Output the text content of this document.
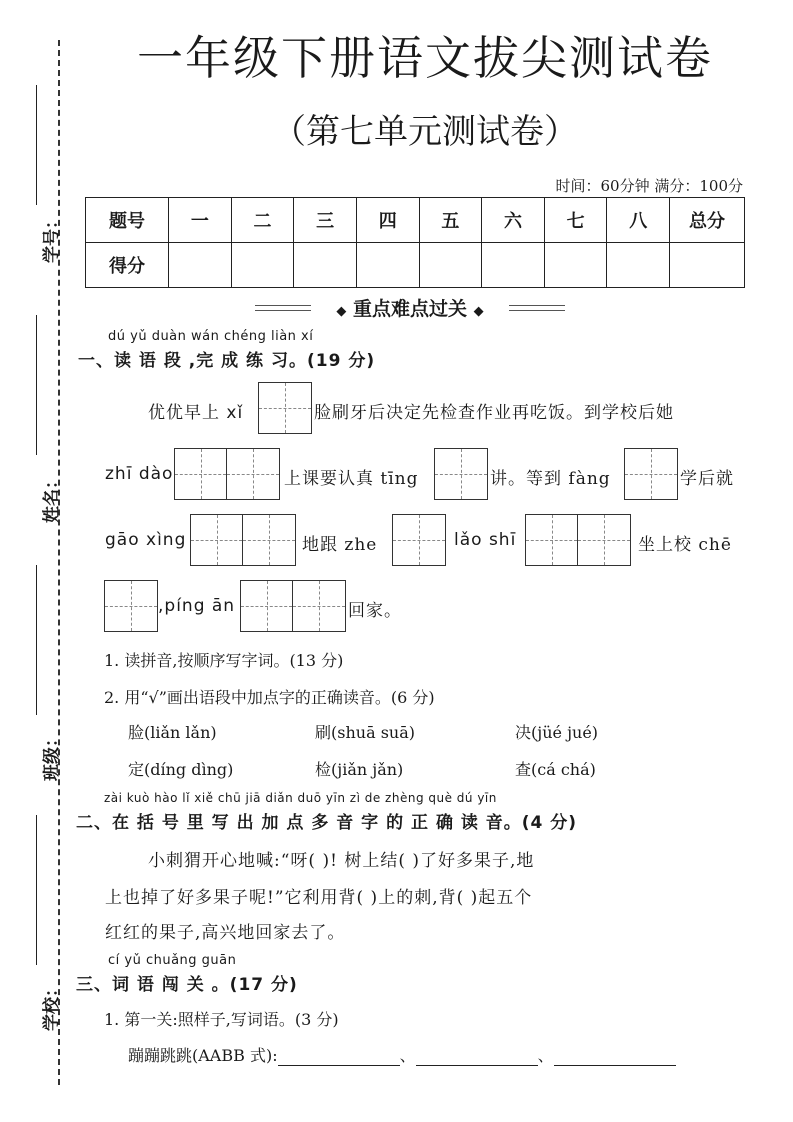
学号：
姓名：
班级：
学校：
一年级下册语文拔尖测试卷
（第七单元测试卷）
时间：60分钟 满分：100分
题号	一	二	三	四	五	六	七	八	总分
得分									
◆ 重点难点过关 ◆
dú yǔ duàn wán chéng liàn xí
一、读 语 段 ,完 成 练 习。(19 分)
优优早上 xǐ	脸刷牙后决定先检查作业再吃饭。到学校后她
zhī dào	上课要认真 tīng	讲。等到 fàng	学后就
gāo xìng	地跟 zhe	lǎo shī	坐上校 chē
,píng ān	回家。
1. 读拼音,按顺序写字词。(13 分)
2. 用“√”画出语段中加点字的正确读音。(6 分)
脸(liǎn lǎn)	刷(shuā suā)	决(jüé jué)
定(díng dìng)	检(jiǎn jǎn)	查(cá chá)
zài kuò hào lǐ xiě chū jiā diǎn duō yīn zì de zhèng què dú yīn
二、在 括 号 里 写 出 加 点 多 音 字 的 正 确 读 音。(4 分)
小刺猬开心地喊:“呀( )! 树上结( )了好多果子,地
上也掉了好多果子呢!”它利用背( )上的刺,背( )起五个
红红的果子,高兴地回家去了。
cí yǔ chuǎng guān
三、词 语 闯 关 。(17 分)
1. 第一关:照样子,写词语。(3 分)
蹦蹦跳跳(AABB 式):	、	、
